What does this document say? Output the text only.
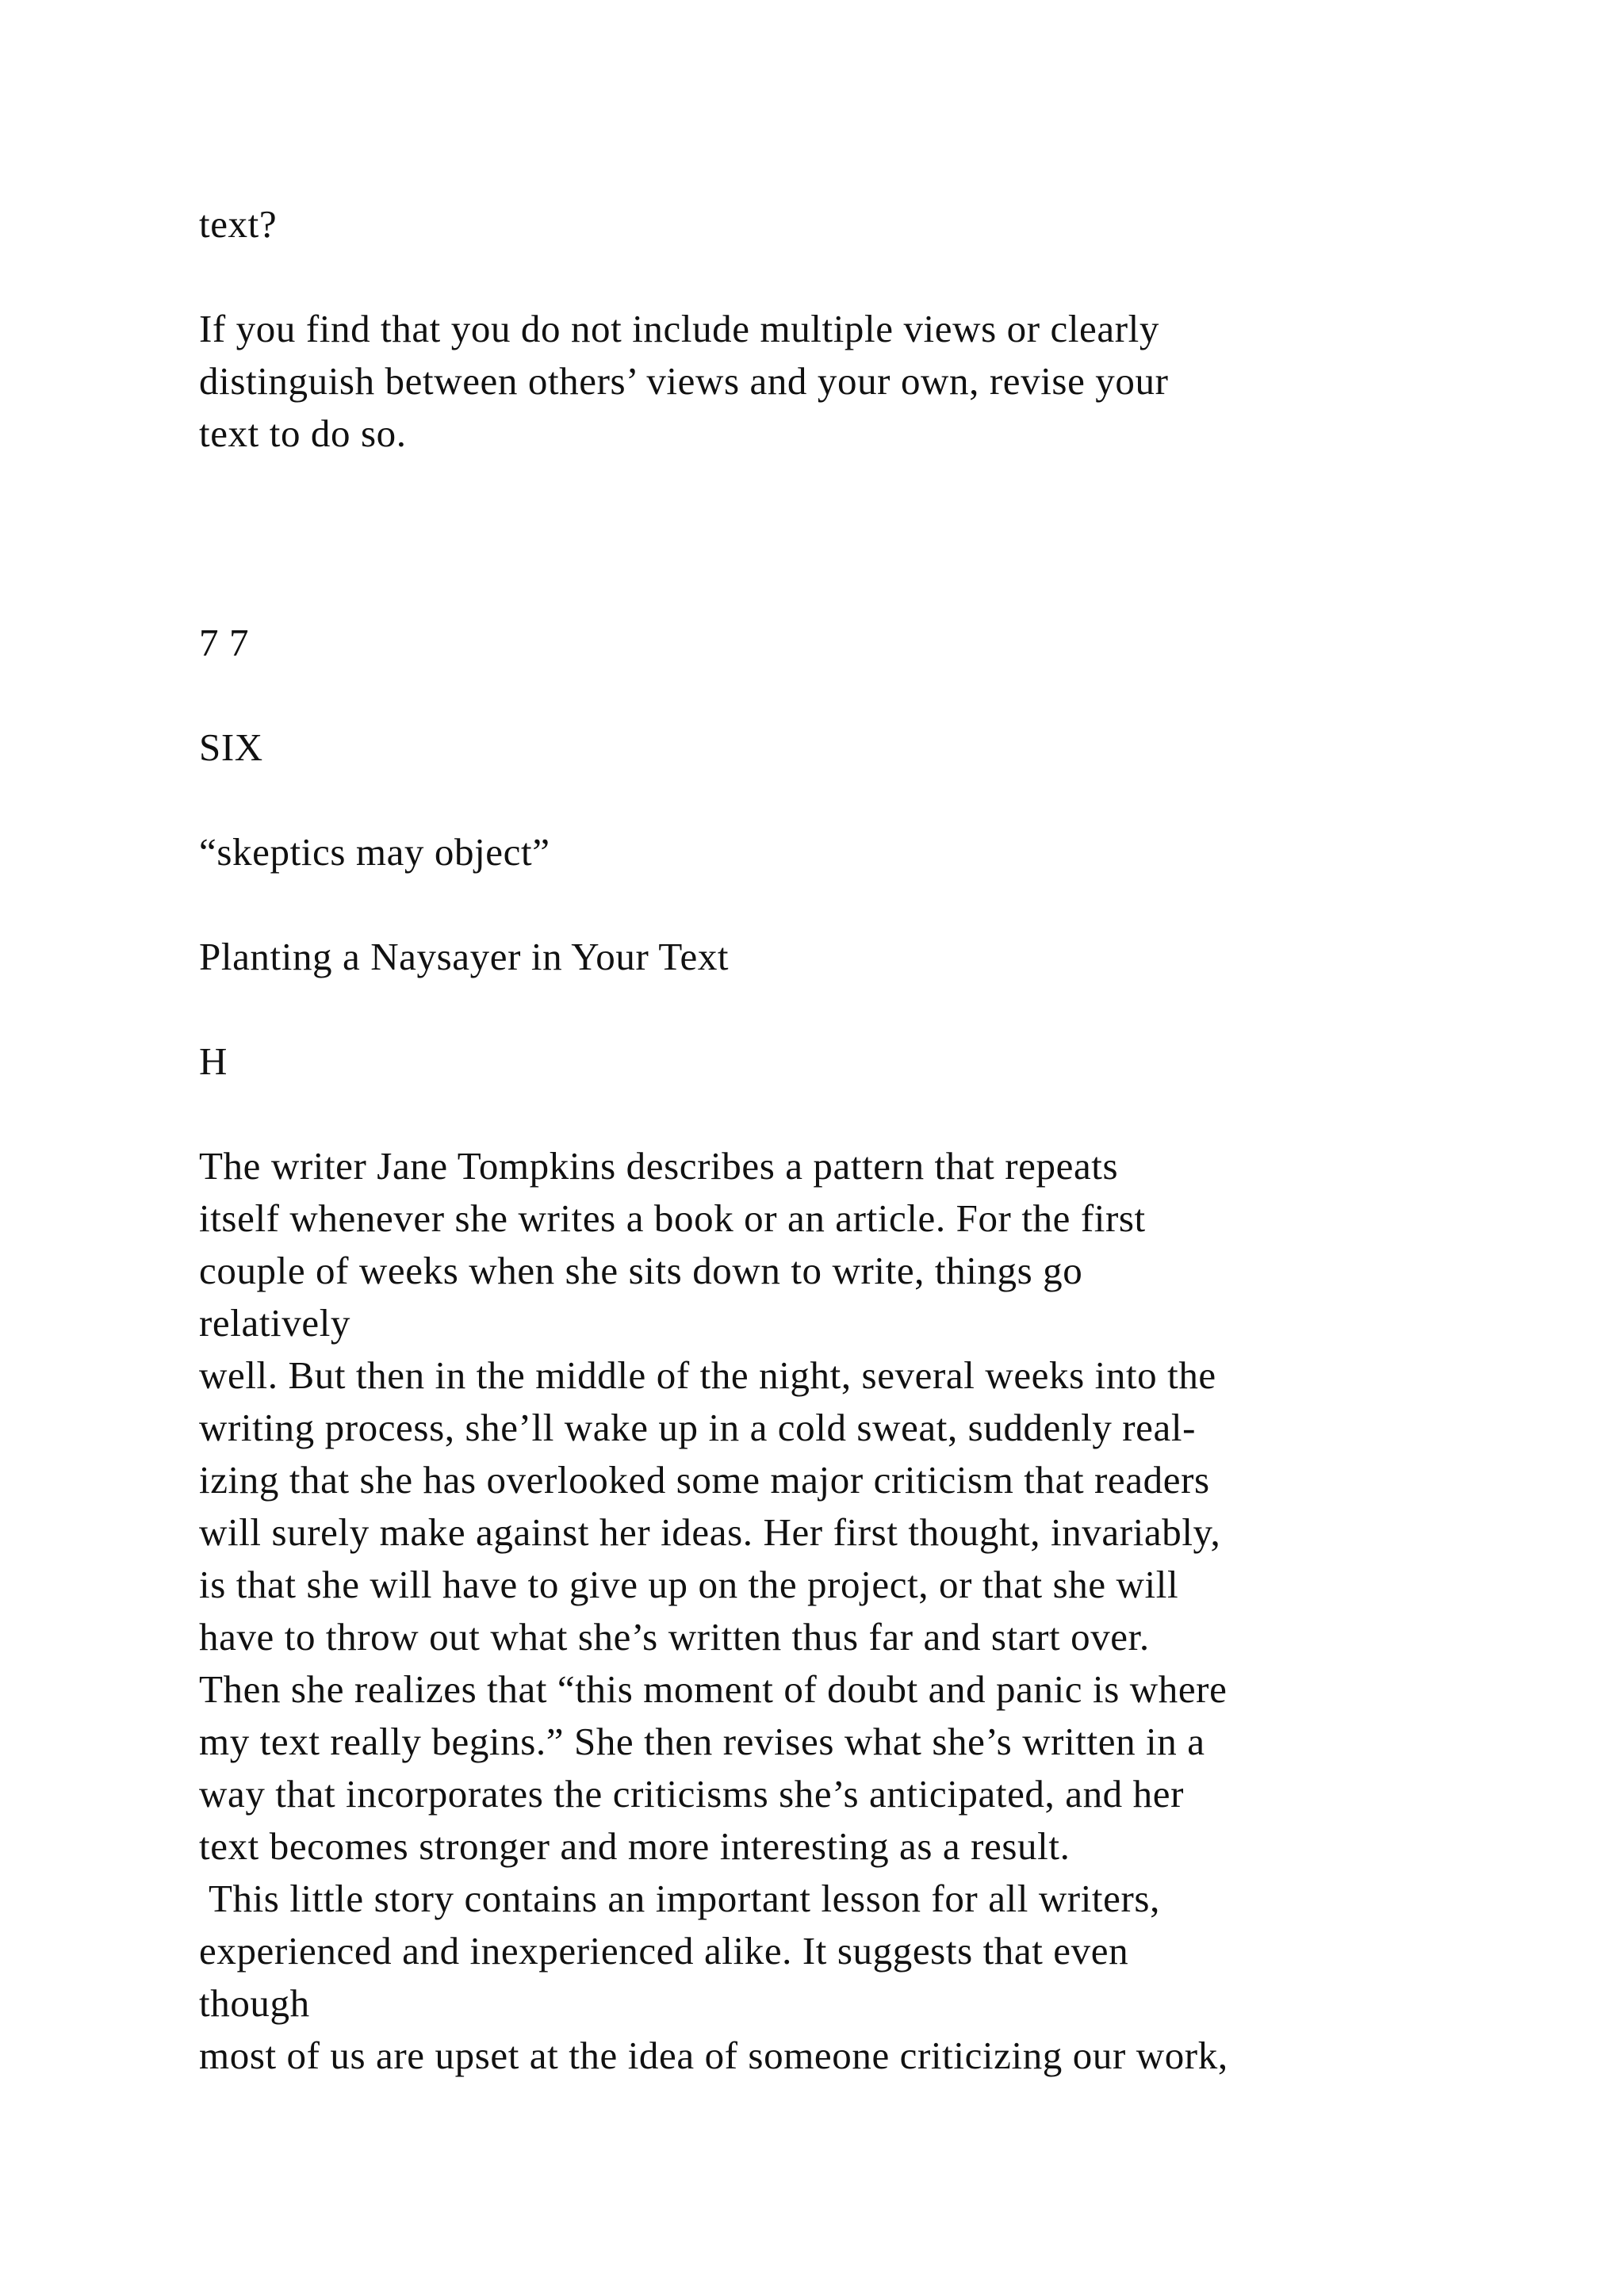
text?

If you find that you do not include multiple views or clearly

distinguish between others’ views and your own, revise your

text to do so.

7 7

SIX

“skeptics may object”

Planting a Naysayer in Your Text

H

The writer Jane Tompkins describes a pattern that repeats

itself whenever she writes a book or an article. For the first

couple of weeks when she sits down to write, things go

relatively

well. But then in the middle of the night, several weeks into the

writing process, she’ll wake up in a cold sweat, suddenly real-

izing that she has overlooked some major criticism that readers

will surely make against her ideas. Her first thought, invariably,

is that she will have to give up on the project, or that she will

have to throw out what she’s written thus far and start over.

Then she realizes that “this moment of doubt and panic is where

my text really begins.” She then revises what she’s written in a

way that incorporates the criticisms she’s anticipated, and her

text becomes stronger and more interesting as a result.

This little story contains an important lesson for all writers,

experienced and inexperienced alike. It suggests that even

though

most of us are upset at the idea of someone criticizing our work,
